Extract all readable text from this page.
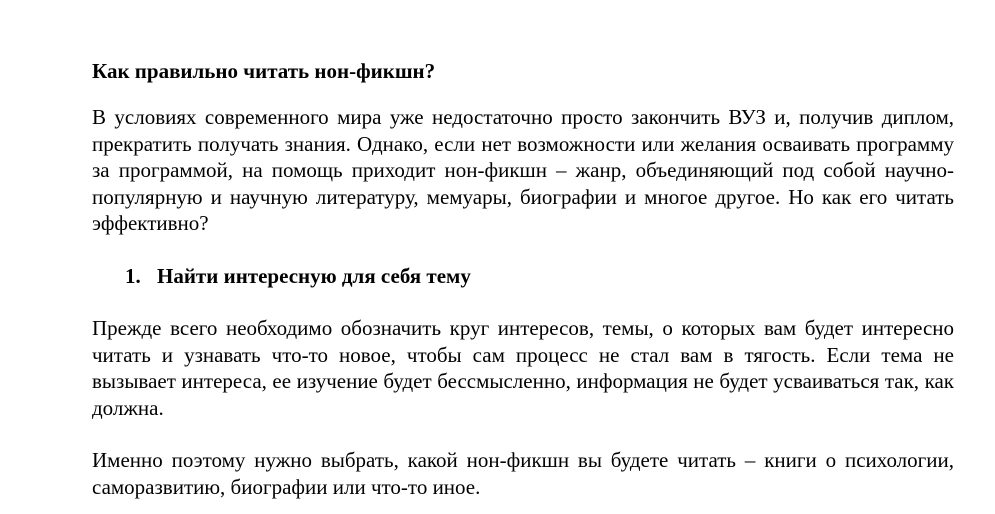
Как правильно читать нон-фикшн?

В условиях современного мира уже недостаточно просто закончить ВУЗ и, получив диплом, прекратить получать знания. Однако, если нет возможности или желания осваивать программу за программой, на помощь приходит нон-фикшн – жанр, объединяющий под собой научно-популярную и научную литературу, мемуары, биографии и многое другое. Но как его читать эффективно?

1. Найти интересную для себя тему

Прежде всего необходимо обозначить круг интересов, темы, о которых вам будет интересно читать и узнавать что-то новое, чтобы сам процесс не стал вам в тягость. Если тема не вызывает интереса, ее изучение будет бессмысленно, информация не будет усваиваться так, как должна.

Именно поэтому нужно выбрать, какой нон-фикшн вы будете читать – книги о психологии, саморазвитию, биографии или что-то иное.
